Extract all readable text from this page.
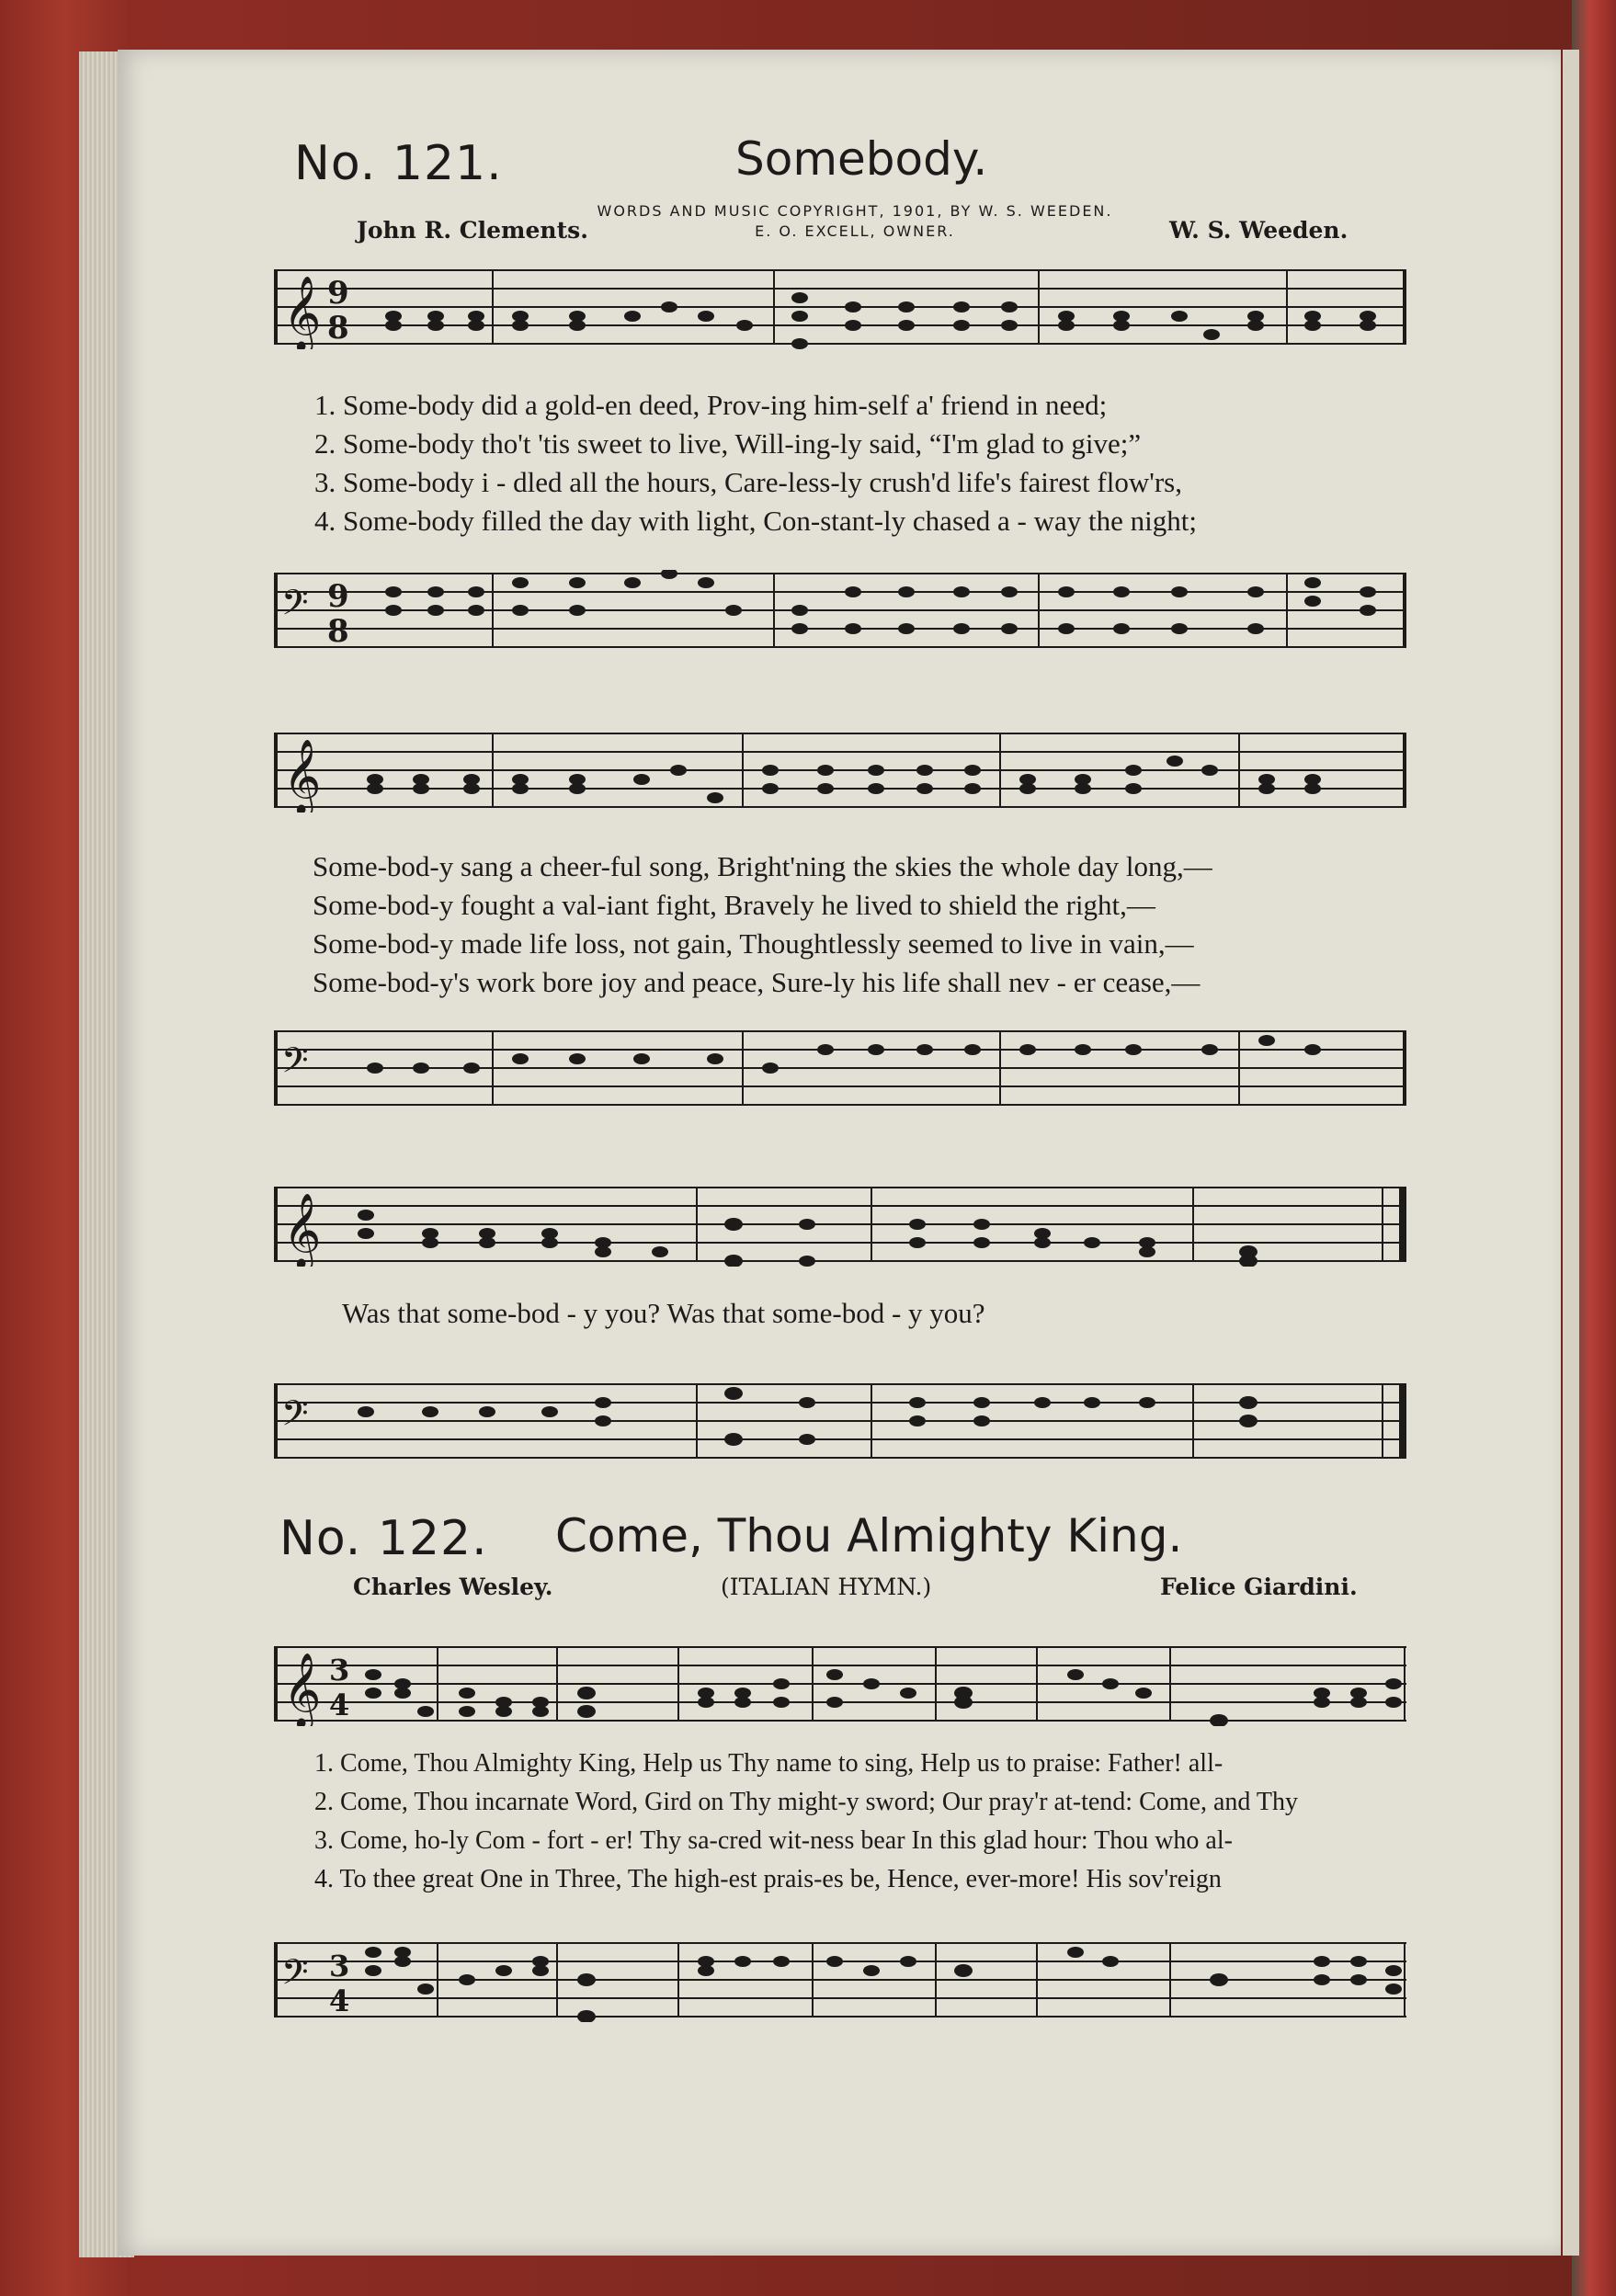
No. 121.	Somebody.
WORDS AND MUSIC COPYRIGHT, 1901, BY W. S. WEEDEN.
E. O. EXCELL, OWNER.
John R. Clements.	W. S. Weeden.
𝄞 9
8
1. Some-body did a gold-en deed, Prov-ing him-self a' friend in need;
2. Some-body tho't 'tis sweet to live, Will-ing-ly said, “I'm glad to give;”
3. Some-body i - dled all the hours, Care-less-ly crush'd life's fairest flow'rs,
4. Some-body filled the day with light, Con-stant-ly chased a - way the night;
𝄢 9
8
𝄞
Some-bod-y sang a cheer-ful song, Bright'ning the skies the whole day long,—
Some-bod-y fought a val-iant fight, Bravely he lived to shield the right,—
Some-bod-y made life loss, not gain, Thoughtlessly seemed to live in vain,—
Some-bod-y's work bore joy and peace, Sure-ly his life shall nev - er cease,—
𝄢
𝄞
Was that some-bod - y you? Was that some-bod - y you?
𝄢
No. 122. Come, Thou Almighty King.
Charles Wesley.	(ITALIAN HYMN.)	Felice Giardini.
𝄞 3
4
1. Come, Thou Almighty King, Help us Thy name to sing, Help us to praise: Father! all-
2. Come, Thou incarnate Word, Gird on Thy might-y sword; Our pray'r at-tend: Come, and Thy
3. Come, ho-ly Com - fort - er! Thy sa-cred wit-ness bear In this glad hour: Thou who al-
4. To thee great One in Three, The high-est prais-es be, Hence, ever-more! His sov'reign
𝄢 3
4
